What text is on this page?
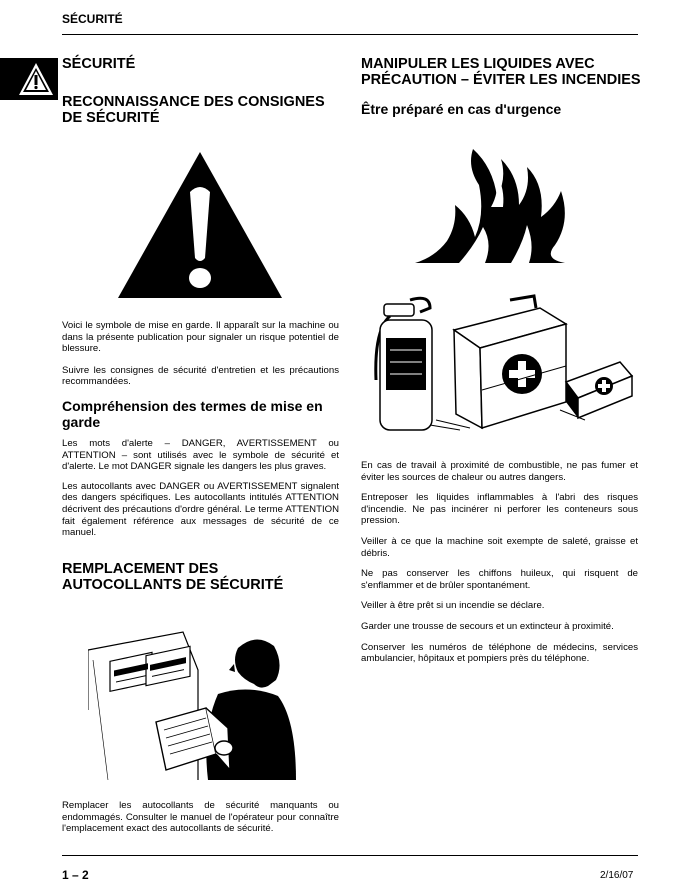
SÉCURITÉ
SÉCURITÉ
RECONNAISSANCE DES CONSIGNES DE SÉCURITÉ

Voici le symbole de mise en garde. Il apparaît sur la machine ou dans la présente publication pour signaler un risque potentiel de blessure.

Suivre les consignes de sécurité d'entretien et les précautions recommandées.

Compréhension des termes de mise en garde

Les mots d'alerte – DANGER, AVERTISSEMENT ou ATTENTION – sont utilisés avec le symbole de sécurité et d'alerte. Le mot DANGER signale les dangers les plus graves.

Les autocollants avec DANGER ou AVERTISSEMENT signalent des dangers spécifiques. Les autocollants intitulés ATTENTION décrivent des précautions d'ordre général. Le terme ATTENTION fait également référence aux messages de sécurité de ce manuel.

REMPLACEMENT DES AUTOCOLLANTS DE SÉCURITÉ

Remplacer les autocollants de sécurité manquants ou endommagés. Consulter le manuel de l'opérateur pour connaître l'emplacement exact des autocollants de sécurité.

MANIPULER LES LIQUIDES AVEC PRÉCAUTION – ÉVITER LES INCENDIES
Être préparé en cas d'urgence

En cas de travail à proximité de combustible, ne pas fumer et éviter les sources de chaleur ou autres dangers.

Entreposer les liquides inflammables à l'abri des risques d'incendie. Ne pas incinérer ni perforer les conteneurs sous pression.

Veiller à ce que la machine soit exempte de saleté, graisse et débris.

Ne pas conserver les chiffons huileux, qui risquent de s'enflammer et de brûler spontanément.

Veiller à être prêt si un incendie se déclare.

Garder une trousse de secours et un extincteur à proximité.

Conserver les numéros de téléphone de médecins, services ambulancier, hôpitaux et pompiers près du téléphone.

1 – 2	2/16/07
